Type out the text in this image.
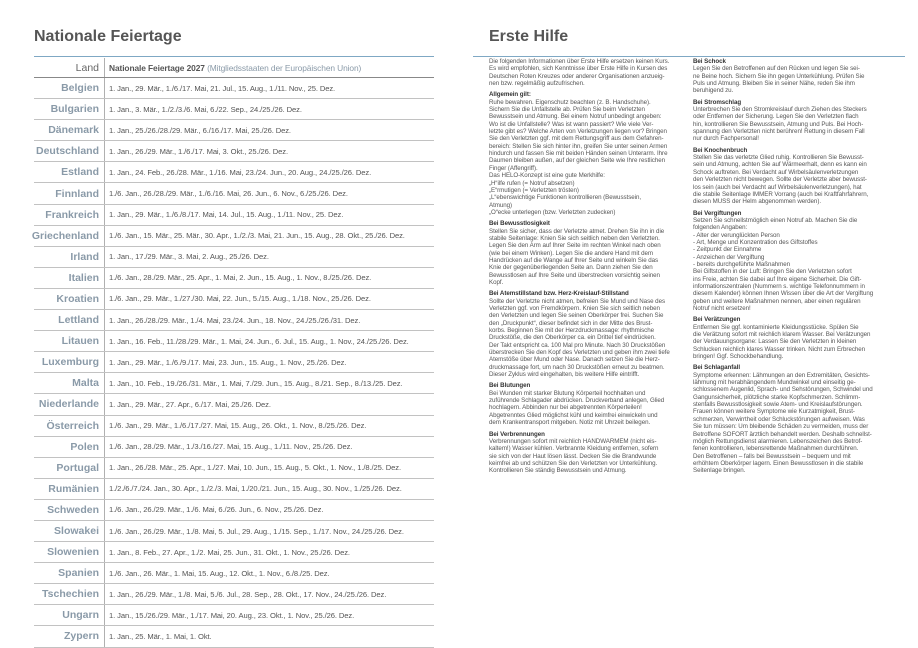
Nationale Feiertage
Land	Nationale Feiertage 2027 (Mitgliedsstaaten der Europäischen Union)
Belgien	1. Jan., 29. Mär., 1./6./17. Mai, 21. Jul., 15. Aug., 1./11. Nov., 25. Dez.
Bulgarien	1. Jan., 3. Mär., 1./2./3./6. Mai, 6./22. Sep., 24./25./26. Dez.
Dänemark	1. Jan., 25./26./28./29. Mär., 6./16./17. Mai, 25./26. Dez.
Deutschland	1. Jan., 26./29. Mär., 1./6./17. Mai, 3. Okt., 25./26. Dez.
Estland	1. Jan., 24. Feb., 26./28. Mär., 1./16. Mai, 23./24. Jun., 20. Aug., 24./25./26. Dez.
Finnland	1./6. Jan., 26./28./29. Mär., 1./6./16. Mai, 26. Jun., 6. Nov., 6./25./26. Dez.
Frankreich	1. Jan., 29. Mär., 1./6./8./17. Mai, 14. Jul., 15. Aug., 1./11. Nov., 25. Dez.
Griechenland	1./6. Jan., 15. Mär., 25. Mär., 30. Apr., 1./2./3. Mai, 21. Jun., 15. Aug., 28. Okt., 25./26. Dez.
Irland	1. Jan., 17./29. Mär., 3. Mai, 2. Aug., 25./26. Dez.
Italien	1./6. Jan., 28./29. Mär., 25. Apr., 1. Mai, 2. Jun., 15. Aug., 1. Nov., 8./25./26. Dez.
Kroatien	1./6. Jan., 29. Mär., 1./27./30. Mai, 22. Jun., 5./15. Aug., 1./18. Nov., 25./26. Dez.
Lettland	1. Jan., 26./28./29. Mär., 1./4. Mai, 23./24. Jun., 18. Nov., 24./25./26./31. Dez.
Litauen	1. Jan., 16. Feb., 11./28./29. Mär., 1. Mai, 24. Jun., 6. Jul., 15. Aug., 1. Nov., 24./25./26. Dez.
Luxemburg	1. Jan., 29. Mär., 1./6./9./17. Mai, 23. Jun., 15. Aug., 1. Nov., 25./26. Dez.
Malta	1. Jan., 10. Feb., 19./26./31. Mär., 1. Mai, 7./29. Jun., 15. Aug., 8./21. Sep., 8./13./25. Dez.
Niederlande	1. Jan., 29. Mär., 27. Apr., 6./17. Mai, 25./26. Dez.
Österreich	1./6. Jan., 29. Mär., 1./6./17./27. Mai, 15. Aug., 26. Okt., 1. Nov., 8./25./26. Dez.
Polen	1./6. Jan., 28./29. Mär., 1./3./16./27. Mai, 15. Aug., 1./11. Nov., 25./26. Dez.
Portugal	1. Jan., 26./28. Mär., 25. Apr., 1./27. Mai, 10. Jun., 15. Aug., 5. Okt., 1. Nov., 1./8./25. Dez.
Rumänien	1./2./6./7./24. Jan., 30. Apr., 1./2./3. Mai, 1./20./21. Jun., 15. Aug., 30. Nov., 1./25./26. Dez.
Schweden	1./6. Jan., 26./29. Mär., 1./6. Mai, 6./26. Jun., 6. Nov., 25./26. Dez.
Slowakei	1./6. Jan., 26./29. Mär., 1./8. Mai, 5. Jul., 29. Aug., 1./15. Sep., 1./17. Nov., 24./25./26. Dez.
Slowenien	1. Jan., 8. Feb., 27. Apr., 1./2. Mai, 25. Jun., 31. Okt., 1. Nov., 25./26. Dez.
Spanien	1./6. Jan., 26. Mär., 1. Mai, 15. Aug., 12. Okt., 1. Nov., 6./8./25. Dez.
Tschechien	1. Jan., 26./29. Mär., 1./8. Mai, 5./6. Jul., 28. Sep., 28. Okt., 17. Nov., 24./25./26. Dez.
Ungarn	1. Jan., 15./26./29. Mär., 1./17. Mai, 20. Aug., 23. Okt., 1. Nov., 25./26. Dez.
Zypern	1. Jan., 25. Mär., 1. Mai, 1. Okt.
Erste Hilfe

Die folgenden Informationen über Erste Hilfe ersetzen keinen Kurs.

Es wird empfohlen, sich Kenntnisse über Erste Hilfe in Kursen des

Deutschen Roten Kreuzes oder anderer Organisationen anzueig-

nen bzw. regelmäßig aufzufrischen.

Allgemein gilt:

Ruhe bewahren. Eigenschutz beachten (z. B. Handschuhe).

Sichern Sie die Unfallstelle ab. Prüfen Sie beim Verletzten

Bewusstsein und Atmung. Bei einem Notruf unbedingt angeben:

Wo ist die Unfallstelle? Was ist wann passiert? Wie viele Ver-

letzte gibt es? Welche Arten von Verletzungen liegen vor? Bringen

Sie den Verletzten ggf. mit dem Rettungsgriff aus dem Gefahren-

bereich: Stellen Sie sich hinter ihn, greifen Sie unter seinen Armen

hindurch und fassen Sie mit beiden Händen seinen Unterarm. Ihre

Daumen bleiben außen, auf der gleichen Seite wie Ihre restlichen

Finger (Affengriff).

Das HELO-Konzept ist eine gute Merkhilfe:

„H“ilfe rufen (= Notruf absetzen)

„E“rmutigen (= Verletzten trösten)

„L“ebenswichtige Funktionen kontrollieren (Bewusstsein,

Atmung)

„O“ecke unterlegen (bzw. Verletzten zudecken)

Bei Bewusstlosigkeit

Stellen Sie sicher, dass der Verletzte atmet. Drehen Sie ihn in die

stabile Seitenlage: Knien Sie sich seitlich neben den Verletzten.

Legen Sie den Arm auf Ihrer Seite im rechten Winkel nach oben

(wie bei einem Winken). Legen Sie die andere Hand mit dem

Handrücken auf die Wange auf Ihrer Seite und winkeln Sie das

Knie der gegenüberliegenden Seite an. Dann ziehen Sie den

Bewusstlosen auf Ihre Seite und überstrecken vorsichtig seinen

Kopf.

Bei Atemstillstand bzw. Herz-Kreislauf-Stillstand

Sollte der Verletzte nicht atmen, befreien Sie Mund und Nase des

Verletzten ggf. von Fremdkörpern. Knien Sie sich seitlich neben

den Verletzten und legen Sie seinen Oberkörper frei. Suchen Sie

den „Druckpunkt“, dieser befindet sich in der Mitte des Brust-

korbs. Beginnen Sie mit der Herzdruckmassage: rhythmische

Druckstöße, die den Oberkörper ca. ein Drittel tief eindrücken.

Der Takt entspricht ca. 100 Mal pro Minute. Nach 30 Druckstößen

überstrecken Sie den Kopf des Verletzten und geben ihm zwei tiefe

Atemstöße über Mund oder Nase. Danach setzen Sie die Herz-

druckmassage fort, um nach 30 Druckstößen erneut zu beatmen.

Dieser Zyklus wird eingehalten, bis weitere Hilfe eintrifft.

Bei Blutungen

Bei Wunden mit starker Blutung Körperteil hochhalten und

zuführende Schlagader abdrücken. Druckverband anlegen, Glied

hochlagern. Abbinden nur bei abgetrennten Körperteilen!

Abgetrenntes Glied möglichst kühl und keimfrei einwickeln und

dem Krankentransport mitgeben. Notiz mit Uhrzeit beilegen.

Bei Verbrennungen

Verbrennungen sofort mit reichlich HANDWARMEM (nicht eis-

kaltem!) Wasser kühlen. Verbrannte Kleidung entfernen, sofern

sie sich von der Haut lösen lässt. Decken Sie die Brandwunde

keimfrei ab und schützen Sie den Verletzten vor Unterkühlung.

Kontrollieren Sie ständig Bewusstsein und Atmung.

Bei Schock

Legen Sie den Betroffenen auf den Rücken und legen Sie sei-

ne Beine hoch. Sichern Sie ihn gegen Unterkühlung. Prüfen Sie

Puls und Atmung. Bleiben Sie in seiner Nähe, reden Sie ihm

beruhigend zu.

Bei Stromschlag

Unterbrechen Sie den Stromkreislauf durch Ziehen des Steckers

oder Entfernen der Sicherung. Legen Sie den Verletzten flach

hin, kontrollieren Sie Bewusstsein, Atmung und Puls. Bei Hoch-

spannung den Verletzten nicht berühren! Rettung in diesem Fall

nur durch Fachpersonal!

Bei Knochenbruch

Stellen Sie das verletzte Glied ruhig. Kontrollieren Sie Bewusst-

sein und Atmung, achten Sie auf Wärmeerhalt, denn es kann ein

Schock auftreten. Bei Verdacht auf Wirbelsäulenverletzungen

den Verletzten nicht bewegen. Sollte der Verletzte aber bewusst-

los sein (auch bei Verdacht auf Wirbelsäulenverletzungen), hat

die stabile Seitenlage IMMER Vorrang (auch bei Kraftfahrfahrern,

diesen MUSS der Helm abgenommen werden).

Bei Vergiftungen

Setzen Sie schnellstmöglich einen Notruf ab. Machen Sie die

folgenden Angaben:

- Alter der verunglückten Person

- Art, Menge und Konzentration des Giftstoffes

- Zeitpunkt der Einnahme

- Anzeichen der Vergiftung

- bereits durchgeführte Maßnahmen

Bei Giftstoffen in der Luft: Bringen Sie den Verletzten sofort

ins Freie, achten Sie dabei auf Ihre eigene Sicherheit. Die Gift-

informationszentralen (Nummern s. wichtige Telefonnummern in

diesem Kalender) können Ihnen Wissen über die Art der Vergiftung

geben und weitere Maßnahmen nennen, aber einen regulären

Notruf nicht ersetzen!

Bei Verätzungen

Entfernen Sie ggf. kontaminierte Kleidungsstücke. Spülen Sie

die Verätzung sofort mit reichlich klarem Wasser. Bei Verätzungen

der Verdauungsorgane: Lassen Sie den Verletzten in kleinen

Schlucken reichlich klares Wasser trinken. Nicht zum Erbrechen

bringen! Ggf. Schockbehandlung.

Bei Schlaganfall

Symptome erkennen: Lähmungen an den Extremitäten, Gesichts-

lähmung mit herabhängendem Mundwinkel und einseitig ge-

schlossenem Augenlid, Sprach- und Sehstörungen, Schwindel und

Gangunsicherheit, plötzliche starke Kopfschmerzen. Schlimm-

stenfalls Bewusstlosigkeit sowie Atem- und Kreislaufstörungen.

Frauen können weitere Symptome wie Kurzatmigkeit, Brust-

schmerzen, Verwirrtheit oder Schluckstörungen aufweisen. Was

Sie tun müssen: Um bleibende Schäden zu vermeiden, muss der

Betroffene SOFORT ärztlich behandelt werden. Deshalb schnellst-

möglich Rettungsdienst alarmieren. Lebenszeichen des Betrof-

fenen kontrollieren, lebensrettende Maßnahmen durchführen.

Den Betroffenen – falls bei Bewusstsein – bequem und mit

erhöhtem Oberkörper lagern. Einen Bewusstlosen in die stabile

Seitenlage bringen.
